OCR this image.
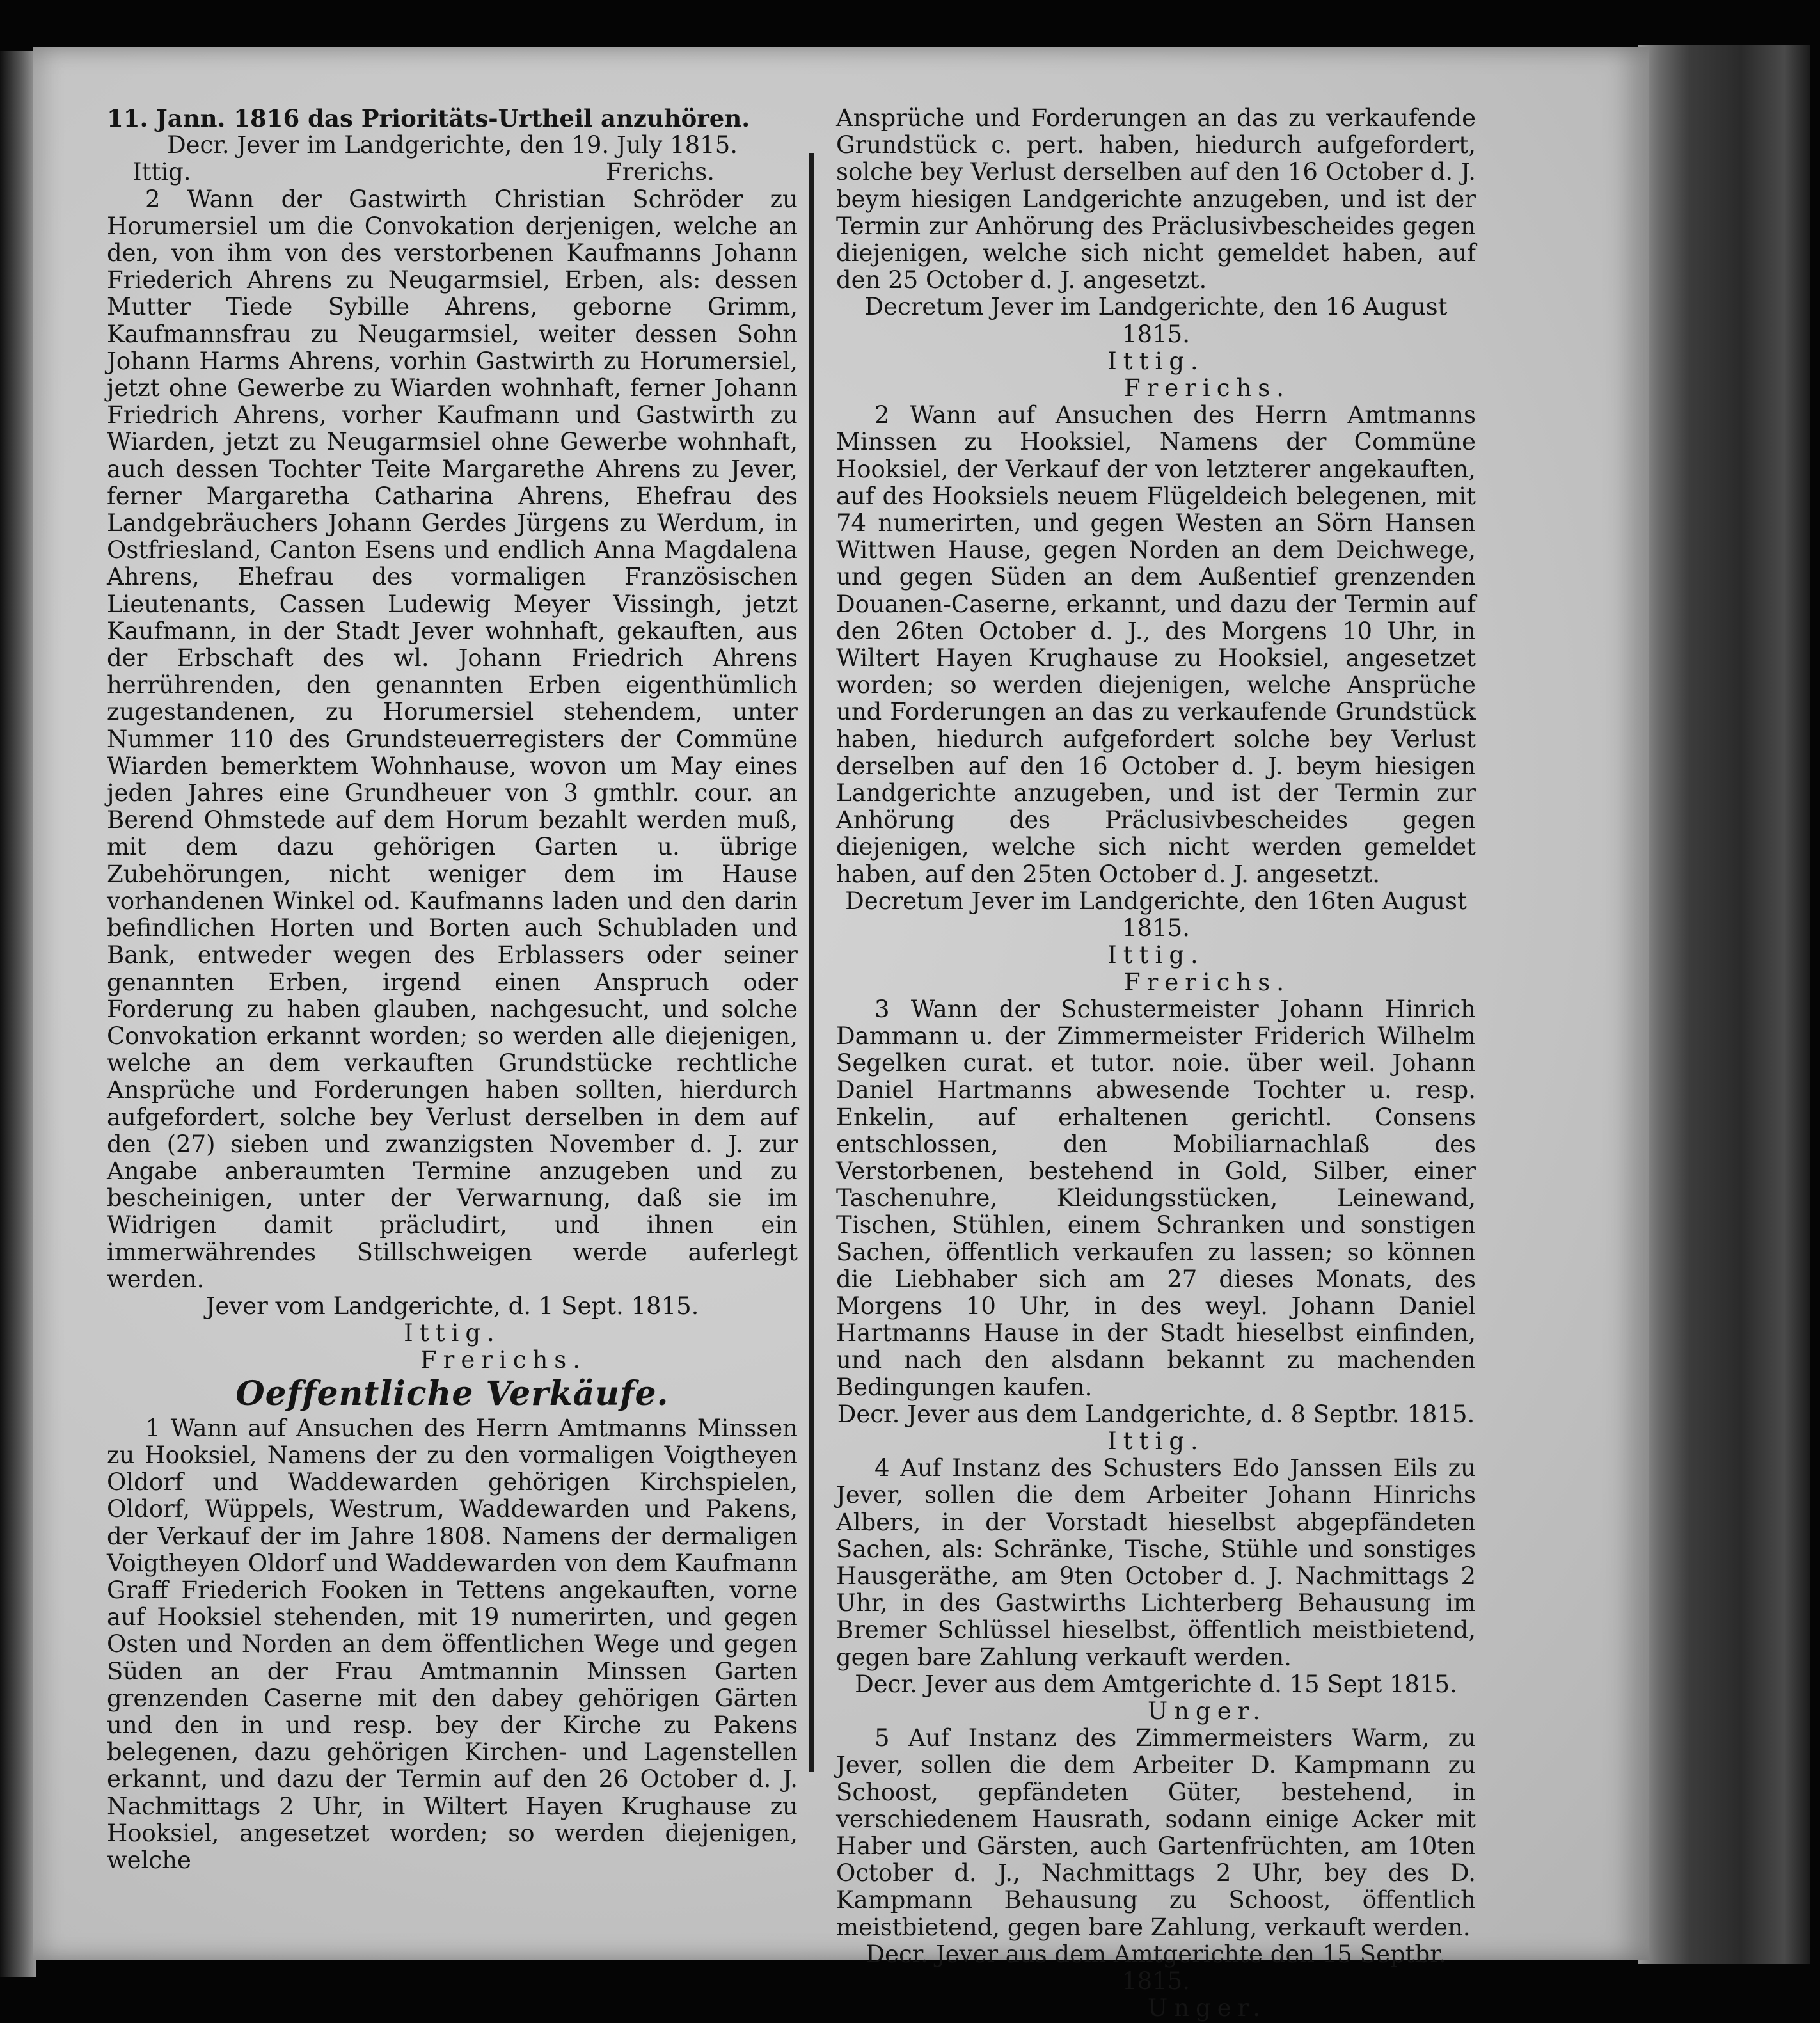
11. Jann. 1816 das Prioritäts-Urtheil anzuhören.

Decr. Jever im Landgerichte, den 19. July 1815.

Ittig.	Frerichs.

2 Wann der Gastwirth Christian Schröder zu Horumersiel um die Convokation derjenigen, welche an den, von ihm von des verstorbenen Kaufmanns Johann Friederich Ahrens zu Neugarmsiel, Erben, als: dessen Mutter Tiede Sybille Ahrens, geborne Grimm, Kaufmannsfrau zu Neugarmsiel, weiter dessen Sohn Johann Harms Ahrens, vorhin Gastwirth zu Horumersiel, jetzt ohne Gewerbe zu Wiarden wohnhaft, ferner Johann Friedrich Ahrens, vorher Kaufmann und Gastwirth zu Wiarden, jetzt zu Neugarmsiel ohne Gewerbe wohnhaft, auch dessen Tochter Teite Margarethe Ahrens zu Jever, ferner Margaretha Catharina Ahrens, Ehefrau des Landgebräuchers Johann Gerdes Jürgens zu Werdum, in Ostfriesland, Canton Esens und endlich Anna Magdalena Ahrens, Ehefrau des vormaligen Französischen Lieutenants, Cassen Ludewig Meyer Vissingh, jetzt Kaufmann, in der Stadt Jever wohnhaft, gekauften, aus der Erbschaft des wl. Johann Friedrich Ahrens herrührenden, den genannten Erben eigenthümlich zugestandenen, zu Horumersiel stehendem, unter Nummer 110 des Grundsteuerregisters der Commüne Wiarden bemerktem Wohnhause, wovon um May eines jeden Jahres eine Grundheuer von 3 gmthlr. cour. an Berend Ohmstede auf dem Horum bezahlt werden muß, mit dem dazu gehörigen Garten u. übrige Zubehörungen, nicht weniger dem im Hause vorhandenen Winkel od. Kaufmanns laden und den darin befindlichen Horten und Borten auch Schubladen und Bank, entweder wegen des Erblassers oder seiner genannten Erben, irgend einen Anspruch oder Forderung zu haben glauben, nachgesucht, und solche Convokation erkannt worden; so werden alle diejenigen, welche an dem verkauften Grundstücke rechtliche Ansprüche und Forderungen haben sollten, hierdurch aufgefordert, solche bey Verlust derselben in dem auf den (27) sieben und zwanzigsten November d. J. zur Angabe anberaumten Termine anzugeben und zu bescheinigen, unter der Verwarnung, daß sie im Widrigen damit präcludirt, und ihnen ein immerwährendes Stillschweigen werde auferlegt werden.

Jever vom Landgerichte, d. 1 Sept. 1815.

Ittig.

Frerichs.

Oeffentliche Verkäufe.

1 Wann auf Ansuchen des Herrn Amtmanns Minssen zu Hooksiel, Namens der zu den vormaligen Voigtheyen Oldorf und Waddewarden gehörigen Kirchspielen, Oldorf, Wüppels, Westrum, Waddewarden und Pakens, der Verkauf der im Jahre 1808. Namens der dermaligen Voigtheyen Oldorf und Waddewarden von dem Kaufmann Graff Friederich Fooken in Tettens angekauften, vorne auf Hooksiel stehenden, mit 19 numerirten, und gegen Osten und Norden an dem öffentlichen Wege und gegen Süden an der Frau Amtmannin Minssen Garten grenzenden Caserne mit den dabey gehörigen Gärten und den in und resp. bey der Kirche zu Pakens belegenen, dazu gehörigen Kirchen- und Lagenstellen erkannt, und dazu der Termin auf den 26 October d. J. Nachmittags 2 Uhr, in Wiltert Hayen Krughause zu Hooksiel, angesetzet worden; so werden diejenigen, welche

Ansprüche und Forderungen an das zu verkaufende Grundstück c. pert. haben, hiedurch aufgefordert, solche bey Verlust derselben auf den 16 October d. J. beym hiesigen Landgerichte anzugeben, und ist der Termin zur Anhörung des Präclusivbescheides gegen diejenigen, welche sich nicht gemeldet haben, auf den 25 October d. J. angesetzt.

Decretum Jever im Landgerichte, den 16 August 1815.

Ittig.

Frerichs.

2 Wann auf Ansuchen des Herrn Amtmanns Minssen zu Hooksiel, Namens der Commüne Hooksiel, der Verkauf der von letzterer angekauften, auf des Hooksiels neuem Flügeldeich belegenen, mit 74 numerirten, und gegen Westen an Sörn Hansen Wittwen Hause, gegen Norden an dem Deichwege, und gegen Süden an dem Außentief grenzenden Douanen-Caserne, erkannt, und dazu der Termin auf den 26ten October d. J., des Morgens 10 Uhr, in Wiltert Hayen Krughause zu Hooksiel, angesetzet worden; so werden diejenigen, welche Ansprüche und Forderungen an das zu verkaufende Grundstück haben, hiedurch aufgefordert solche bey Verlust derselben auf den 16 October d. J. beym hiesigen Landgerichte anzugeben, und ist der Termin zur Anhörung des Präclusivbescheides gegen diejenigen, welche sich nicht werden gemeldet haben, auf den 25ten October d. J. angesetzt.

Decretum Jever im Landgerichte, den 16ten August 1815.

Ittig.

Frerichs.

3 Wann der Schustermeister Johann Hinrich Dammann u. der Zimmermeister Friderich Wilhelm Segelken curat. et tutor. noie. über weil. Johann Daniel Hartmanns abwesende Tochter u. resp. Enkelin, auf erhaltenen gerichtl. Consens entschlossen, den Mobiliarnachlaß des Verstorbenen, bestehend in Gold, Silber, einer Taschenuhre, Kleidungsstücken, Leinewand, Tischen, Stühlen, einem Schranken und sonstigen Sachen, öffentlich verkaufen zu lassen; so können die Liebhaber sich am 27 dieses Monats, des Morgens 10 Uhr, in des weyl. Johann Daniel Hartmanns Hause in der Stadt hieselbst einfinden, und nach den alsdann bekannt zu machenden Bedingungen kaufen.

Decr. Jever aus dem Landgerichte, d. 8 Septbr. 1815.

Ittig.

4 Auf Instanz des Schusters Edo Janssen Eils zu Jever, sollen die dem Arbeiter Johann Hinrichs Albers, in der Vorstadt hieselbst abgepfändeten Sachen, als: Schränke, Tische, Stühle und sonstiges Hausgeräthe, am 9ten October d. J. Nachmittags 2 Uhr, in des Gastwirths Lichterberg Behausung im Bremer Schlüssel hieselbst, öffentlich meistbietend, gegen bare Zahlung verkauft werden.

Decr. Jever aus dem Amtgerichte d. 15 Sept 1815.

Unger.

5 Auf Instanz des Zimmermeisters Warm, zu Jever, sollen die dem Arbeiter D. Kampmann zu Schoost, gepfändeten Güter, bestehend, in verschiedenem Hausrath, sodann einige Acker mit Haber und Gärsten, auch Gartenfrüchten, am 10ten October d. J., Nachmittags 2 Uhr, bey des D. Kampmann Behausung zu Schoost, öffentlich meistbietend, gegen bare Zahlung, verkauft werden.

Decr. Jever aus dem Amtgerichte den 15 Septbr. 1815.

Unger.
